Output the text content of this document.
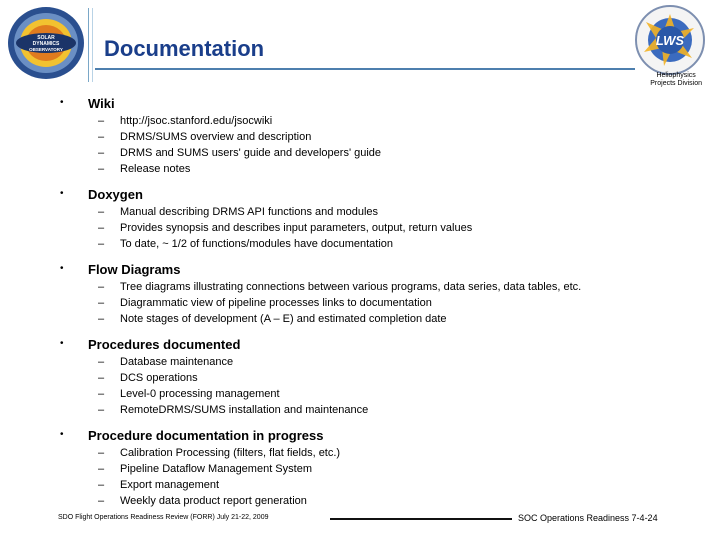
SOLAR
DYNAMICS
OBSERVATORY
LWS
Documentation
Heliophysics
Projects Division
• Wiki
– http://jsoc.stanford.edu/jsocwiki
– DRMS/SUMS overview and description
– DRMS and SUMS users' guide and developers' guide
– Release notes
• Doxygen
– Manual describing DRMS API functions and modules
– Provides synopsis and describes input parameters, output, return values
– To date, ~ 1/2 of functions/modules have documentation
• Flow Diagrams
– Tree diagrams illustrating connections between various programs, data series, data tables, etc.
– Diagrammatic view of pipeline processes links to documentation
– Note stages of development (A – E) and estimated completion date
• Procedures documented
– Database maintenance
– DCS operations
– Level-0 processing management
– RemoteDRMS/SUMS installation and maintenance
• Procedure documentation in progress
– Calibration Processing (filters, flat fields, etc.)
– Pipeline Dataflow Management System
– Export management
– Weekly data product report generation
SDO Flight Operations Readiness Review (FORR) July 21-22, 2009	SOC Operations Readiness 7-4-24
